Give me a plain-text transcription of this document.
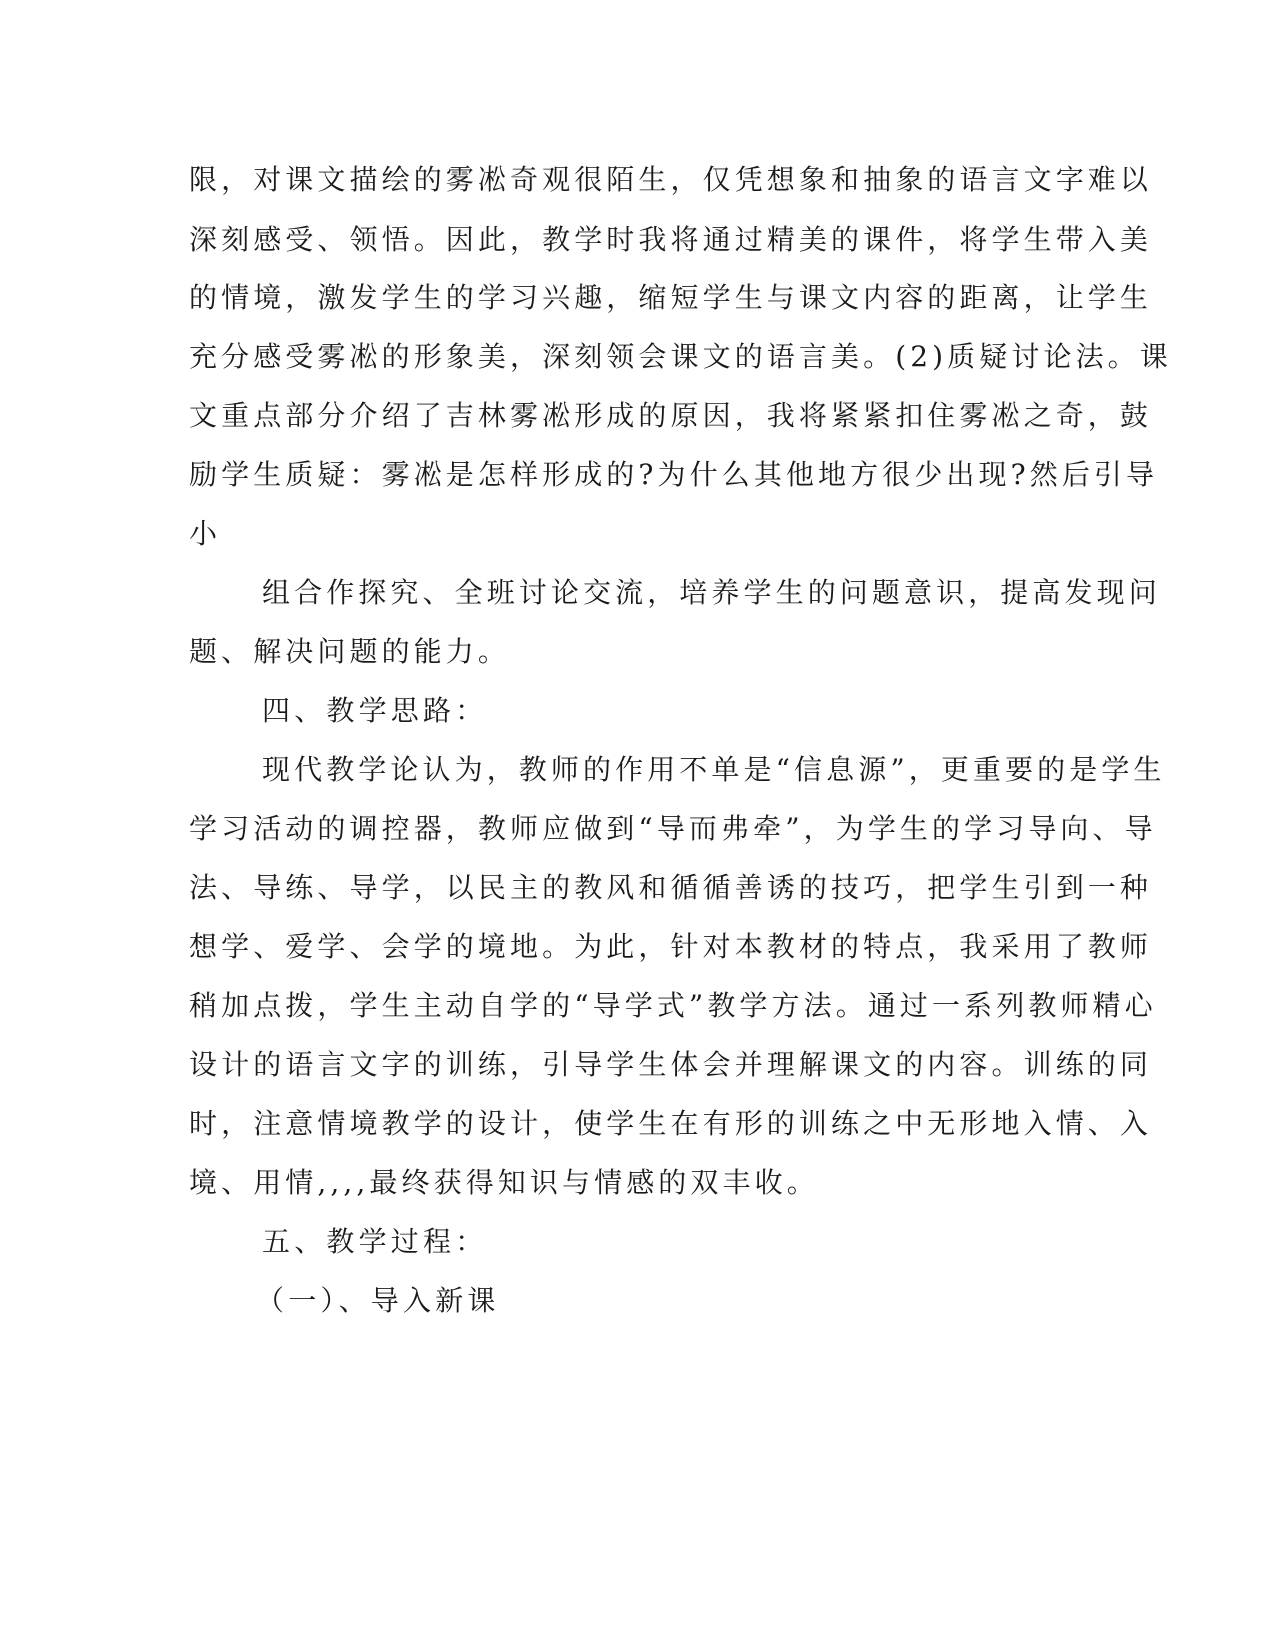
限，对课文描绘的雾凇奇观很陌生，仅凭想象和抽象的语言文字难以
深刻感受、领悟。因此，教学时我将通过精美的课件，将学生带入美
的情境，激发学生的学习兴趣，缩短学生与课文内容的距离，让学生
充分感受雾凇的形象美，深刻领会课文的语言美。(2)质疑讨论法。课
文重点部分介绍了吉林雾凇形成的原因，我将紧紧扣住雾凇之奇，鼓
励学生质疑：雾凇是怎样形成的?为什么其他地方很少出现?然后引导
小
组合作探究、全班讨论交流，培养学生的问题意识，提高发现问
题、解决问题的能力。
四、教学思路：
现代教学论认为，教师的作用不单是“信息源”，更重要的是学生
学习活动的调控器，教师应做到“导而弗牵”，为学生的学习导向、导
法、导练、导学，以民主的教风和循循善诱的技巧，把学生引到一种
想学、爱学、会学的境地。为此，针对本教材的特点，我采用了教师
稍加点拨，学生主动自学的“导学式”教学方法。通过一系列教师精心
设计的语言文字的训练，引导学生体会并理解课文的内容。训练的同
时，注意情境教学的设计，使学生在有形的训练之中无形地入情、入
境、用情,,,,最终获得知识与情感的双丰收。
五、教学过程：
（一）、导入新课
